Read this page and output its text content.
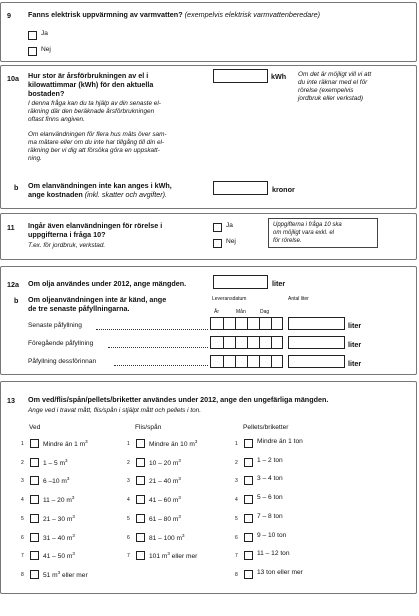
9 Fanns elektrisk uppvärmning av varmvatten? (exempelvis elektrisk varmvattenberedare)
Ja
Nej
10a Hur stor är årsförbrukningen av el i
kilowattimmar (kWh) för den aktuella
bostaden?
I denna fråga kan du ta hjälp av din senaste el-
räkning där den beräknade årsförbrukningen
oftast finns angiven.
Om elanvändningen för flera hus mäts över sam-
ma mätare eller om du inte har tillgång till din el-
räkning ber vi dig att försöka göra en uppskatt-
ning.
kWh Om det är möjligt vill vi att
du inte räknar med el för
rörelse (exempelvis
jordbruk eller verkstad)
b Om elanvändningen inte kan anges i kWh,
ange kostnaden (inkl. skatter och avgifter).
kronor
11 Ingår även elanvändningen för rörelse i
uppgifterna i fråga 10?
T.ex. för jordbruk, verkstad.
Ja
Nej
Uppgifterna i fråga 10 ska
om möjligt vara exkl. el
för rörelse.
12a Om olja användes under 2012, ange mängden.	liter
b Om oljeanvändningen inte är känd, ange
de tre senaste påfyllningarna.
Leveransdatum	Antal liter
År	Mån	Dag
Senaste påfyllning	liter
Föregående påfyllning	liter
Påfyllning dessförinnan	liter
13 Om ved/flis/spån/pellets/briketter användes under 2012, ange den ungefärliga mängden.
Ange ved i travat mått, flis/spån i stjälpt mått och pellets i ton.
Ved
1	Mindre än 1 $m^3$
2	1 – 5 $m^3$
3	6 –10 $m^3$
4	11 – 20 $m^3$
5	21 – 30 $m^3$
6	31 – 40 $m^3$
7	41 – 50 $m^3$
8	51 $m^3$ eller mer
Flis/spån
1	Mindre än 10 $m^3$
2	10 – 20 $m^3$
3	21 – 40 $m^3$
4	41 – 60 $m^3$
5	61 – 80 $m^3$
6	81 – 100 $m^3$
7	101 $m^3$ eller mer
Pellets/briketter
1	Mindre än 1 ton
2	1 – 2 ton
3	3 – 4 ton
4	5 – 6 ton
5	7 – 8 ton
6	9 – 10 ton
7	11 – 12 ton
8	13 ton eller mer
